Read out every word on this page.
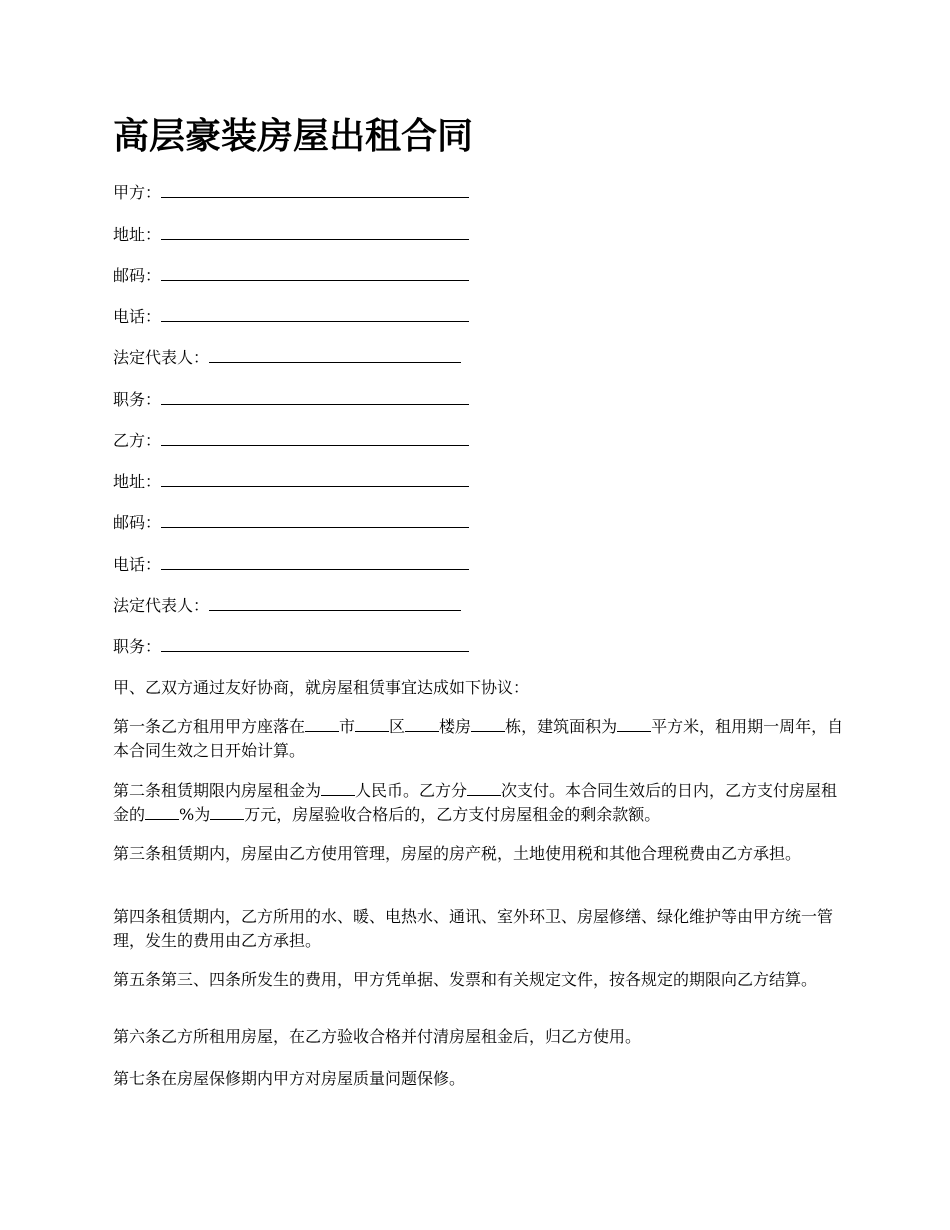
高层豪装房屋出租合同
甲方：
地址：
邮码：
电话：
法定代表人：
职务：
乙方：
地址：
邮码：
电话：
法定代表人：
职务：

甲、乙双方通过友好协商，就房屋租赁事宜达成如下协议：

第一条乙方租用甲方座落在 市 区 楼房 栋，建筑面积为 平方米，租用期一周年，自本合同生效之日开始计算。

第二条租赁期限内房屋租金为 人民币。乙方分 次支付。本合同生效后的日内，乙方支付房屋租金的 %为 万元，房屋验收合格后的，乙方支付房屋租金的剩余款额。

第三条租赁期内，房屋由乙方使用管理，房屋的房产税，土地使用税和其他合理税费由乙方承担。

第四条租赁期内，乙方所用的水、暖、电热水、通讯、室外环卫、房屋修缮、绿化维护等由甲方统一管理，发生的费用由乙方承担。

第五条第三、四条所发生的费用，甲方凭单据、发票和有关规定文件，按各规定的期限向乙方结算。

第六条乙方所租用房屋，在乙方验收合格并付清房屋租金后，归乙方使用。

第七条在房屋保修期内甲方对房屋质量问题保修。
